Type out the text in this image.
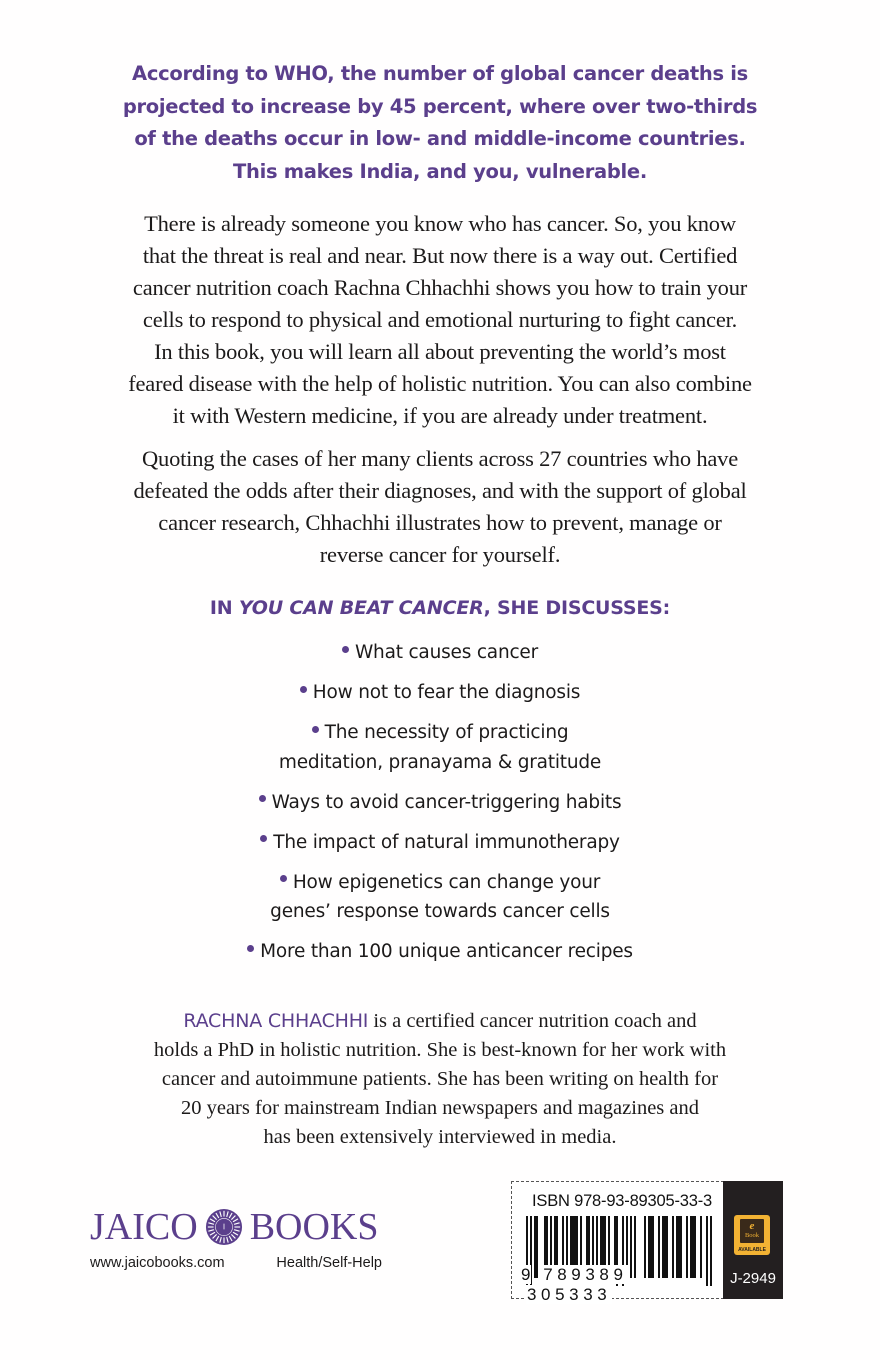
According to WHO, the number of global cancer deaths is
projected to increase by 45 percent, where over two-thirds
of the deaths occur in low- and middle-income countries.
This makes India, and you, vulnerable.
There is already someone you know who has cancer. So, you know
that the threat is real and near. But now there is a way out. Certified
cancer nutrition coach Rachna Chhachhi shows you how to train your
cells to respond to physical and emotional nurturing to fight cancer.
In this book, you will learn all about preventing the world’s most
feared disease with the help of holistic nutrition. You can also combine
it with Western medicine, if you are already under treatment.
Quoting the cases of her many clients across 27 countries who have
defeated the odds after their diagnoses, and with the support of global
cancer research, Chhachhi illustrates how to prevent, manage or
reverse cancer for yourself.
IN YOU CAN BEAT CANCER, SHE DISCUSSES:
What causes cancer
How not to fear the diagnosis
The necessity of practicing
meditation, pranayama & gratitude
Ways to avoid cancer-triggering habits
The impact of natural immunotherapy
How epigenetics can change your
genes’ response towards cancer cells
More than 100 unique anticancer recipes
RACHNA CHHACHHI is a certified cancer nutrition coach and
holds a PhD in holistic nutrition. She is best-known for her work with
cancer and autoimmune patients. She has been writing on health for
20 years for mainstream Indian newspapers and magazines and
has been extensively interviewed in media.
JAICO BOOKS
www.jaicobooks.com	Health/Self-Help
ISBN 978-93-89305-33-3
9 789389 305333
e
Book
AVAILABLE
J-2949
